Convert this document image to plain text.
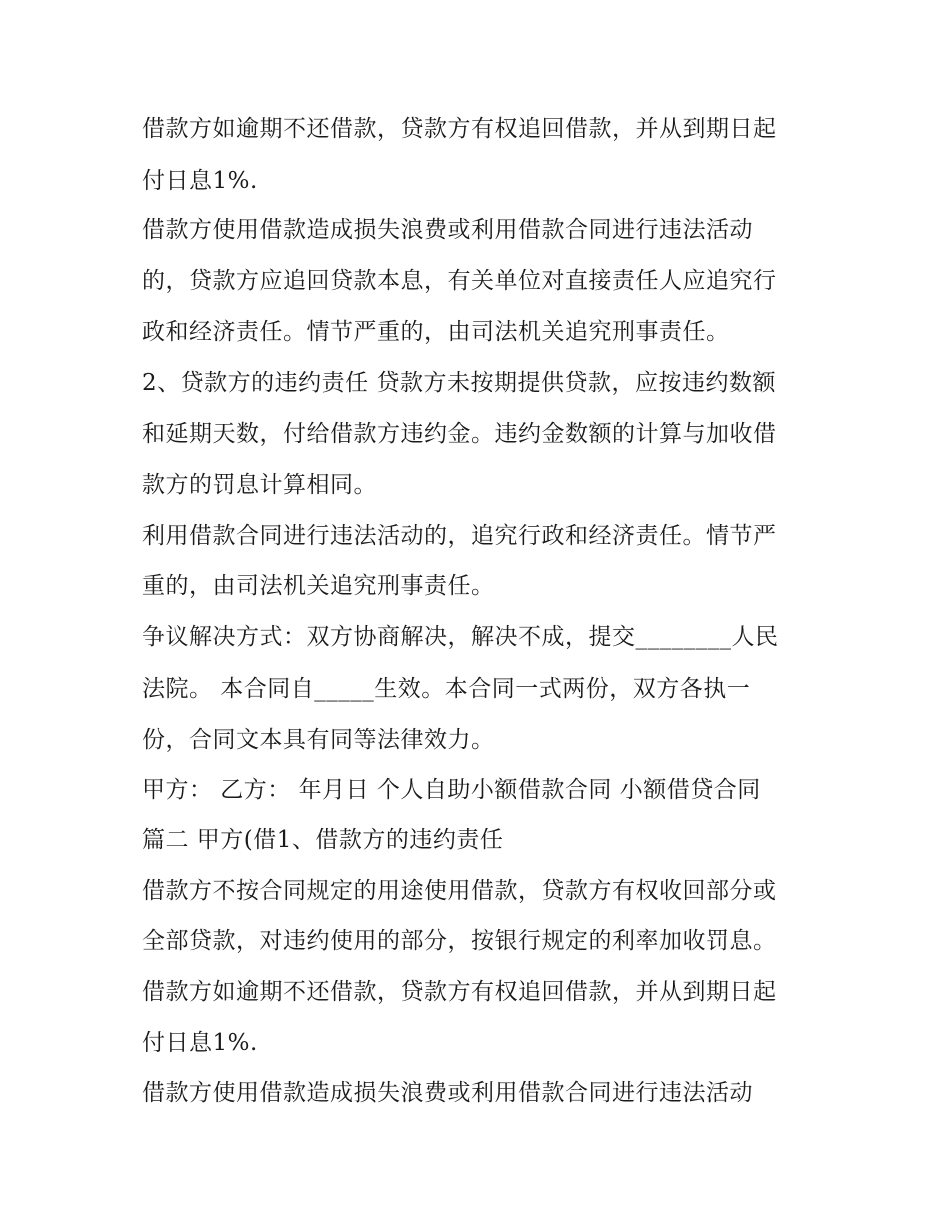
借款方如逾期不还借款，贷款方有权追回借款，并从到期日起
付日息1%.
借款方使用借款造成损失浪费或利用借款合同进行违法活动
的，贷款方应追回贷款本息，有关单位对直接责任人应追究行
政和经济责任。情节严重的，由司法机关追究刑事责任。
2、贷款方的违约责任 贷款方未按期提供贷款，应按违约数额
和延期天数，付给借款方违约金。违约金数额的计算与加收借
款方的罚息计算相同。
利用借款合同进行违法活动的，追究行政和经济责任。情节严
重的，由司法机关追究刑事责任。
争议解决方式：双方协商解决，解决不成，提交________人民
法院。 本合同自_____生效。本合同一式两份，双方各执一
份，合同文本具有同等法律效力。
甲方： 乙方： 年月日 个人自助小额借款合同 小额借贷合同
篇二 甲方(借1、借款方的违约责任
借款方不按合同规定的用途使用借款，贷款方有权收回部分或
全部贷款，对违约使用的部分，按银行规定的利率加收罚息。
借款方如逾期不还借款，贷款方有权追回借款，并从到期日起
付日息1%.
借款方使用借款造成损失浪费或利用借款合同进行违法活动
